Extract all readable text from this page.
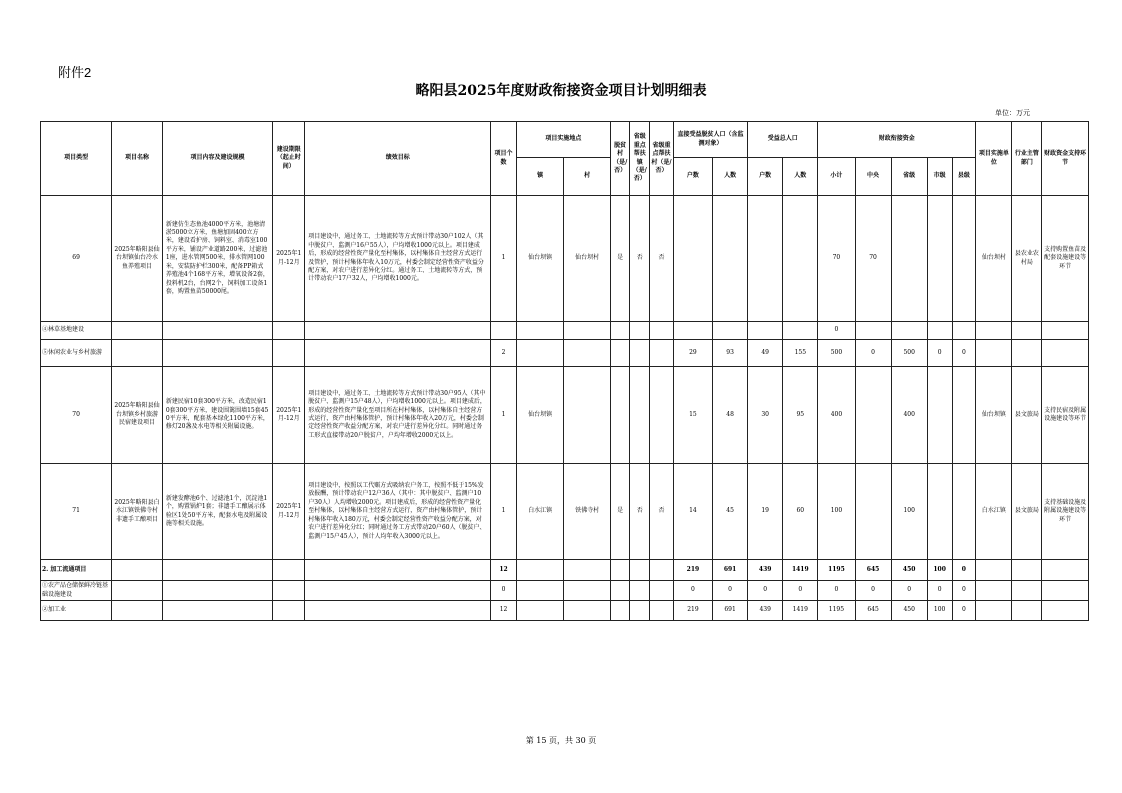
附件2
略阳县2025年度财政衔接资金项目计划明细表
单位：万元
项目类型	项目名称	项目内容及建设规模	建设期限（起止时间）	绩效目标	项目个数	项目实施地点		脱贫村（是/否）	省级重点帮扶镇（是/否）	省级重点帮扶村（是/否）	直接受益脱贫人口（含监测对象）		受益总人口		财政衔接资金					项目实施单位	行业主管部门	财政资金支持环节
						镇	村				户数	人数	户数	人数	小计	中央	省级	市级	县级			
69	2025年略阳县仙台坝镇仙台冷水鱼养殖项目	新建仿生态鱼池4000平方米，池塘清淤5000立方米，鱼塘加固400立方米，建设看护房、饲料室、消毒室100平方米，铺设产业道路200米，过滤池1座，进水管网500米，排水管网100米，安装防护栏300米，配备PP箱式养殖池4个168平方米，增氧设备2套，投料机2台，台网2个，饲料加工设备1套，购置鱼苗50000尾。	2025年1月-12月	项目建设中，通过务工、土地流转等方式预计带动30户102人（其中脱贫户、监测户16户55人），户均增收1000元以上。项目建成后，形成的经营性资产量化至村集体，以村集体自主经营方式运行及管护，预计村集体年收入10万元，村委会制定经营性资产收益分配方案，对农户进行差异化分红。通过务工、土地流转等方式，预计带动农户17户32人，户均增收1000元。	1	仙台坝镇	仙台坝村	是	否	否					70	70				仙台坝村	县农业农村局	支持购置鱼苗及配套设施建设等环节
④林草基地建设															0							
⑤休闲农业与乡村旅游					2						29	93	49	155	500	0	500	0	0			
70	2025年略阳县仙台坝镇乡村旅游民宿建设项目	新建民宿10套300平方米，改造民宿10套300平方米，建设围篱围墙15套450平方米，配套基本绿化1100平方米，修灯20盏及水电等相关附属设施。	2025年1月-12月	项目建设中，通过务工、土地流转等方式预计带动30户95人（其中脱贫户、监测户15户48人），户均增收1000元以上。项目建成后，形成的经营性资产量化至项目所在村村集体，以村集体自主经营方式运行，资产由村集体管护，预计村集体年收入20万元，村委会制定经营性资产收益分配方案，对农户进行差异化分红。同时通过务工形式直接带动20户脱贫户，户均年增收2000元以上。	1	仙台坝镇					15	48	30	95	400		400			仙台坝镇	县文旅局	支持民宿及附属设施建设等环节
71	2025年略阳县白水江镇铁佛寺村非遗手工酿项目	新建发酵池6个、过滤池1个，沉淀池1个，购置锅炉1套；非遗手工酿展示体验区1处50平方米，配套水电及附属设施等相关设施。	2025年1月-12月	项目建设中，按照以工代赈方式吸纳农户务工，按照不低于15%发放报酬，预计带动农户12户36人（其中：其中脱贫户、监测户10户30人）人均增收2000元。项目建成后，形成的经营性资产量化至村集体，以村集体自主经营方式运行，资产由村集体管护，预计村集体年收入180万元，村委会制定经营性资产收益分配方案，对农户进行差异化分红；同时通过务工方式带动20户60人（脱贫户、监测户15户45人），预计人均年收入3000元以上。	1	白水江镇	铁佛寺村	是	否	否	14	45	19	60	100		100			白水江镇	县文旅局	支持基础设施及附属设施建设等环节
2. 加工流通项目					12						219	691	439	1419	1195	645	450	100	0			
①农产品仓储保鲜冷链基础设施建设					0						0	0	0	0	0	0	0	0	0			
②加工业					12						219	691	439	1419	1195	645	450	100	0			
第 15 页，共 30 页
